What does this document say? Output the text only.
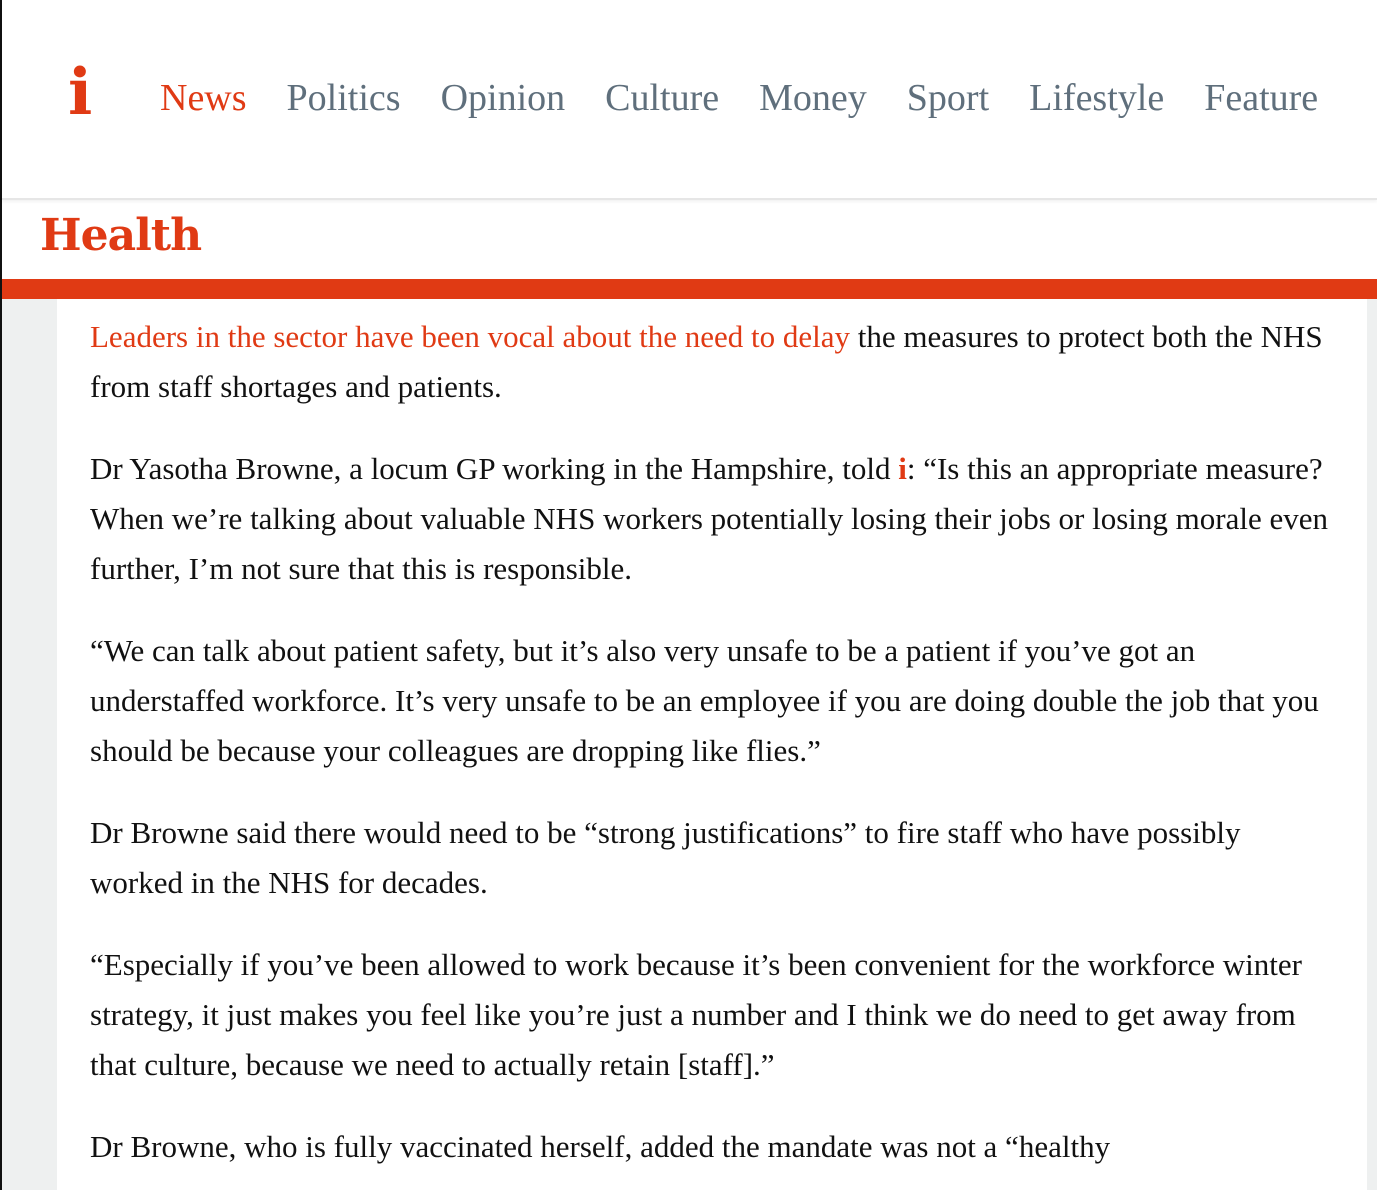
i News Politics Opinion Culture Money Sport Lifestyle Feature
Health

Leaders in the sector have been vocal about the need to delay the measures to protect both the NHS from staff shortages and patients.

Dr Yasotha Browne, a locum GP working in the Hampshire, told i: “Is this an appropriate measure? When we’re talking about valuable NHS workers potentially losing their jobs or losing morale even further, I’m not sure that this is responsible.

“We can talk about patient safety, but it’s also very unsafe to be a patient if you’ve got an understaffed workforce. It’s very unsafe to be an employee if you are doing double the job that you should be because your colleagues are dropping like flies.”

Dr Browne said there would need to be “strong justifications” to fire staff who have possibly worked in the NHS for decades.

“Especially if you’ve been allowed to work because it’s been convenient for the workforce winter strategy, it just makes you feel like you’re just a number and I think we do need to get away from that culture, because we need to actually retain [staff].”

Dr Browne, who is fully vaccinated herself, added the mandate was not a “healthy
